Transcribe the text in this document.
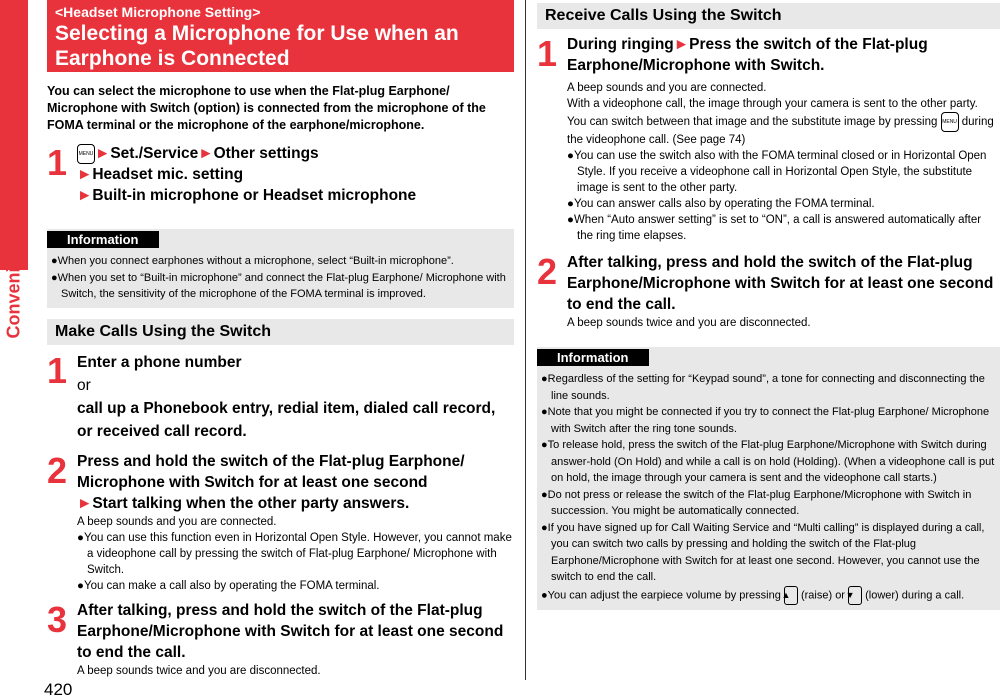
Convenient Functions
420
<Headset Microphone Setting>
Selecting a Microphone for Use when an Earphone is Connected
You can select the microphone to use when the Flat-plug Earphone/ Microphone with Switch (option) is connected from the microphone of the FOMA terminal or the microphone of the earphone/microphone.
1	MENU ►Set./Service►Other settings
►Headset mic. setting
►Built-in microphone or Headset microphone
Information
●When you connect earphones without a microphone, select “Built-in microphone”.
●When you set to “Built-in microphone” and connect the Flat-plug Earphone/ Microphone with Switch, the sensitivity of the microphone of the FOMA terminal is improved.
Make Calls Using the Switch
1 Enter a phone number
or
call up a Phonebook entry, redial item, dialed call record, or received call record.
2 Press and hold the switch of the Flat-plug Earphone/ Microphone with Switch for at least one second
►Start talking when the other party answers.
A beep sounds and you are connected.
●You can use this function even in Horizontal Open Style. However, you cannot make a videophone call by pressing the switch of Flat-plug Earphone/ Microphone with Switch.
●You can make a call also by operating the FOMA terminal.
3 After talking, press and hold the switch of the Flat-plug Earphone/Microphone with Switch for at least one second to end the call.
A beep sounds twice and you are disconnected.
Receive Calls Using the Switch
1 During ringing►Press the switch of the Flat-plug Earphone/Microphone with Switch.
A beep sounds and you are connected.
With a videophone call, the image through your camera is sent to the other party. You can switch between that image and the substitute image by pressing MENU during the videophone call. (See page 74)
●You can use the switch also with the FOMA terminal closed or in Horizontal Open Style. If you receive a videophone call in Horizontal Open Style, the substitute image is sent to the other party.
●You can answer calls also by operating the FOMA terminal.
●When “Auto answer setting” is set to “ON”, a call is answered automatically after the ring time elapses.
2 After talking, press and hold the switch of the Flat-plug Earphone/Microphone with Switch for at least one second to end the call.
A beep sounds twice and you are disconnected.
Information
●Regardless of the setting for “Keypad sound”, a tone for connecting and disconnecting the line sounds.
●Note that you might be connected if you try to connect the Flat-plug Earphone/ Microphone with Switch after the ring tone sounds.
●To release hold, press the switch of the Flat-plug Earphone/Microphone with Switch during answer-hold (On Hold) and while a call is on hold (Holding). (When a videophone call is put on hold, the image through your camera is sent and the videophone call starts.)
●Do not press or release the switch of the Flat-plug Earphone/Microphone with Switch in succession. You might be automatically connected.
●If you have signed up for Call Waiting Service and “Multi calling” is displayed during a call, you can switch two calls by pressing and holding the switch of the Flat-plug Earphone/Microphone with Switch for at least one second. However, you cannot use the switch to end the call.
●You can adjust the earpiece volume by pressing ▲ (raise) or ▼ (lower) during a call.
